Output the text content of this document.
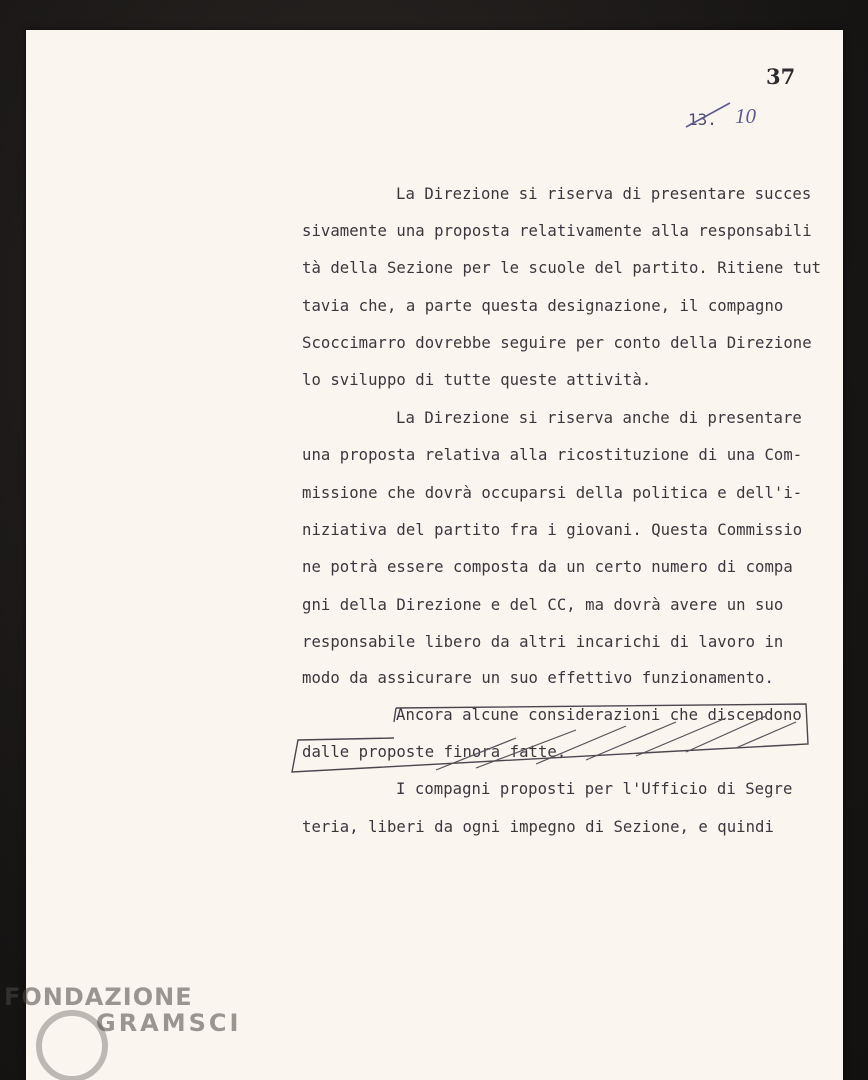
37
13. 10
La Direzione si riserva di presentare succes
sivamente una proposta relativamente alla responsabili
tà della Sezione per le scuole del partito. Ritiene tut
tavia che, a parte questa designazione, il compagno
Scoccimarro dovrebbe seguire per conto della Direzione
lo sviluppo di tutte queste attività.
La Direzione si riserva anche di presentare
una proposta relativa alla ricostituzione di una Com-
missione che dovrà occuparsi della politica e dell'i-
niziativa del partito fra i giovani. Questa Commissio
ne potrà essere composta da un certo numero di compa
gni della Direzione e del CC, ma dovrà avere un suo
responsabile libero da altri incarichi di lavoro in
modo da assicurare un suo effettivo funzionamento.
Ancora alcune considerazioni che discendono
dalle proposte finora fatte.
I compagni proposti per l'Ufficio di Segre
teria, liberi da ogni impegno di Sezione, e quindi
FONDAZIONE
GRAMSCI
